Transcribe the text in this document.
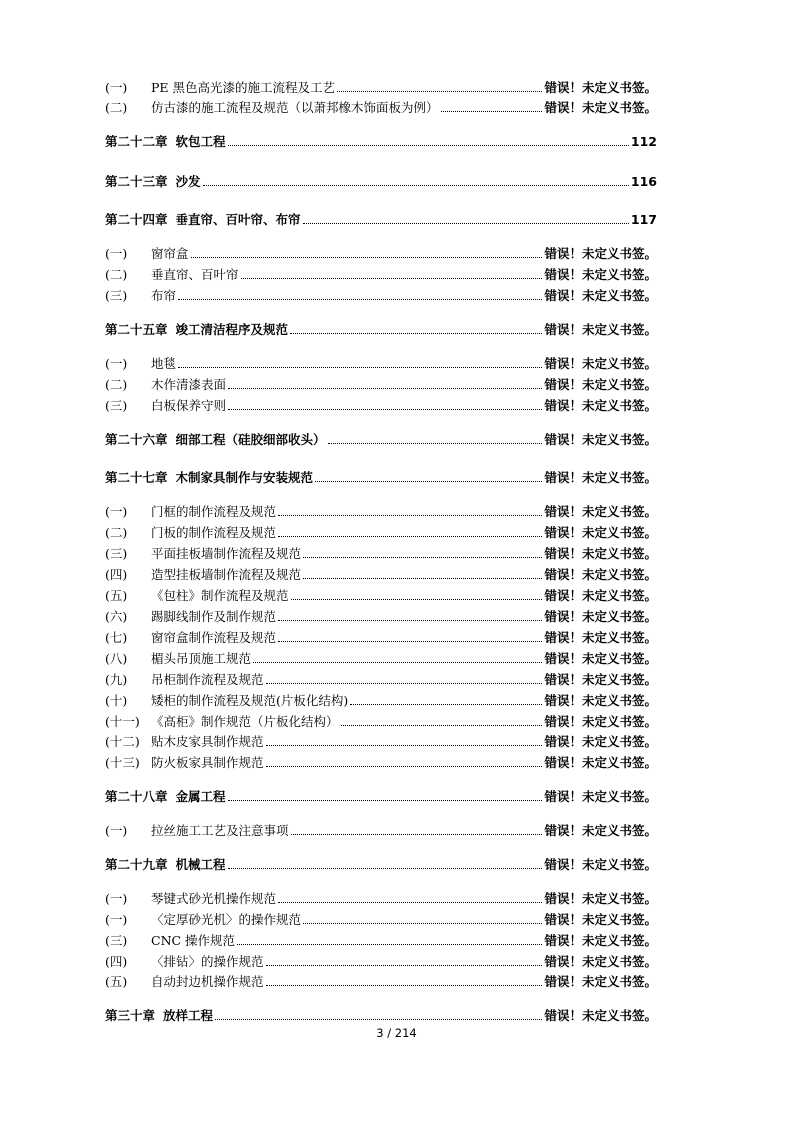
(一)	PE 黑色高光漆的施工流程及工艺	错误！未定义书签。
(二)	仿古漆的施工流程及规范（以萧邦橡木饰面板为例）	错误！未定义书签。
第二十二章 软包工程	112
第二十三章 沙发	116
第二十四章 垂直帘、百叶帘、布帘	117
(一)	窗帘盒	错误！未定义书签。
(二)	垂直帘、百叶帘	错误！未定义书签。
(三)	布帘	错误！未定义书签。
第二十五章 竣工清洁程序及规范	错误！未定义书签。
(一)	地毯	错误！未定义书签。
(二)	木作清漆表面	错误！未定义书签。
(三)	白板保养守则	错误！未定义书签。
第二十六章 细部工程（硅胶细部收头）	错误！未定义书签。
第二十七章 木制家具制作与安装规范	错误！未定义书签。
(一)	门框的制作流程及规范	错误！未定义书签。
(二)	门板的制作流程及规范	错误！未定义书签。
(三)	平面挂板墙制作流程及规范	错误！未定义书签。
(四)	造型挂板墙制作流程及规范	错误！未定义书签。
(五)	《包柱》制作流程及规范	错误！未定义书签。
(六)	踢脚线制作及制作规范	错误！未定义书签。
(七)	窗帘盒制作流程及规范	错误！未定义书签。
(八)	楣头吊顶施工规范	错误！未定义书签。
(九)	吊柜制作流程及规范	错误！未定义书签。
(十)	矮柜的制作流程及规范(片板化结构)	错误！未定义书签。
(十一) 《高柜》制作规范（片板化结构）	错误！未定义书签。
(十二) 贴木皮家具制作规范	错误！未定义书签。
(十三) 防火板家具制作规范	错误！未定义书签。
第二十八章 金属工程	错误！未定义书签。
(一)	拉丝施工工艺及注意事项	错误！未定义书签。
第二十九章 机械工程	错误！未定义书签。
(一)	琴键式砂光机操作规范	错误！未定义书签。
(一)	〈定厚砂光机〉的操作规范	错误！未定义书签。
(三)	CNC 操作规范	错误！未定义书签。
(四)	〈排钻〉的操作规范	错误！未定义书签。
(五)	自动封边机操作规范	错误！未定义书签。
第三十章 放样工程	错误！未定义书签。
3 / 214
